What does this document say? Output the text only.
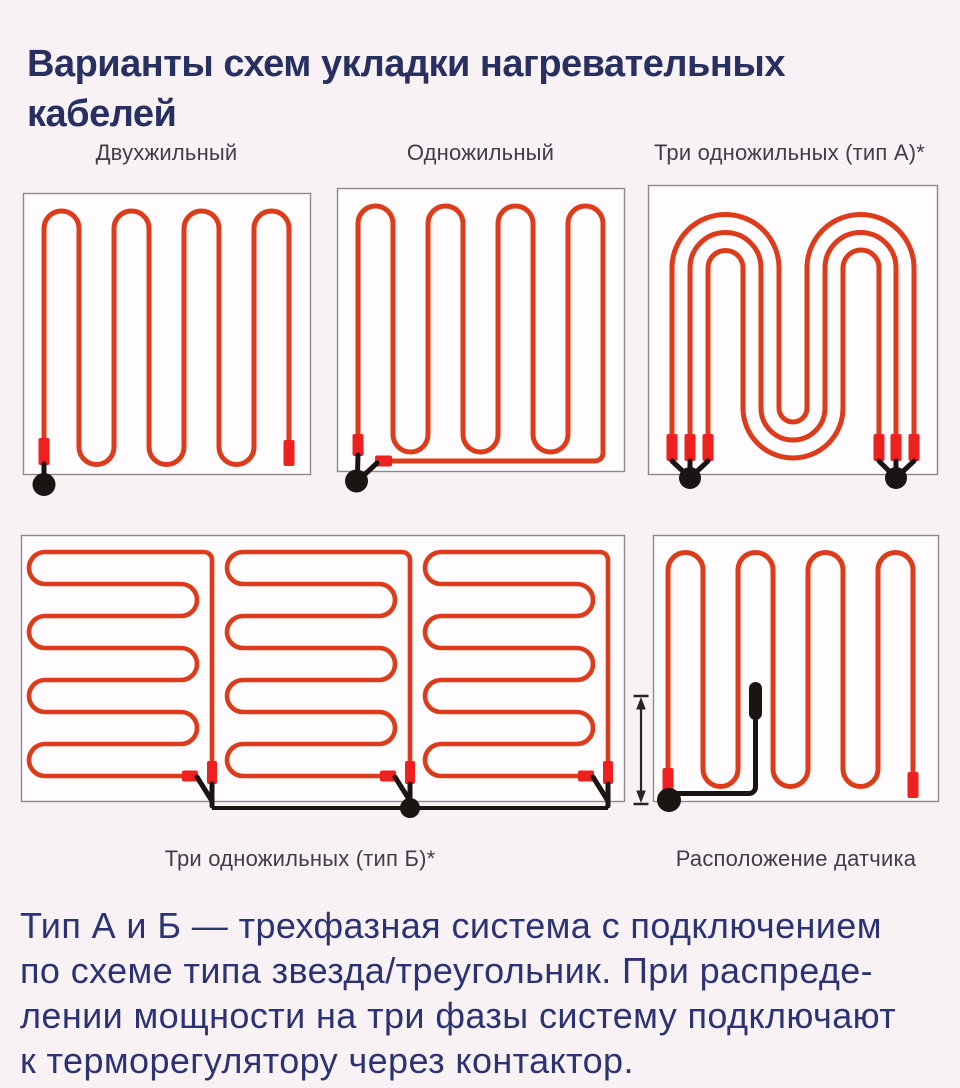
Варианты схем укладки нагревательных кабелей
Двухжильный	Одножильный	Три одножильных (тип А)*
Три одножильных (тип Б)*	Расположение датчика
Тип А и Б — трехфазная система с подключением
по схеме типа звезда/треугольник. При распреде-
лении мощности на три фазы систему подключают
к терморегулятору через контактор.
